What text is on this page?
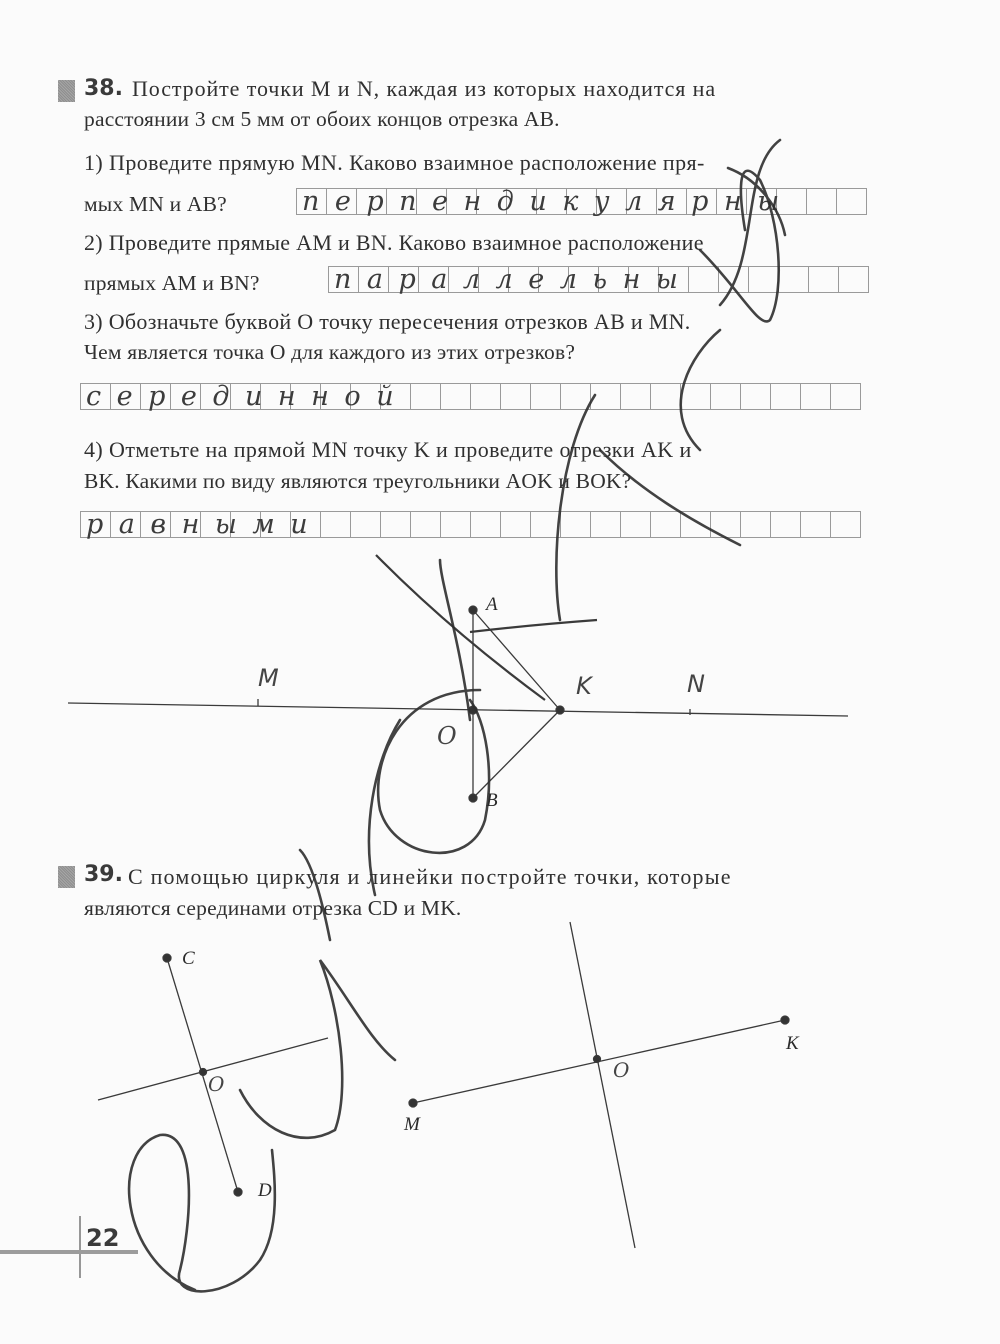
38. Постройте точки M и N, каждая из которых находится на
расстоянии 3 см 5 мм от обоих концов отрезка AB.
1) Проведите прямую MN. Каково взаимное расположение пря-
мых MN и AB?	перпендикулярны
2) Проведите прямые AM и BN. Каково взаимное расположение
прямых AM и BN?	параллельны
3) Обозначьте буквой O точку пересечения отрезков AB и MN.
Чем является точка O для каждого из этих отрезков?
серединной
4) Отметьте на прямой MN точку K и проведите отрезки AK и
BK. Какими по виду являются треугольники AOK и BOK?
равными
39. С помощью циркуля и линейки постройте точки, которые
являются серединами отрезка CD и MK.
A
B
O
K
M	N
C
D
O
M
K
O
22
